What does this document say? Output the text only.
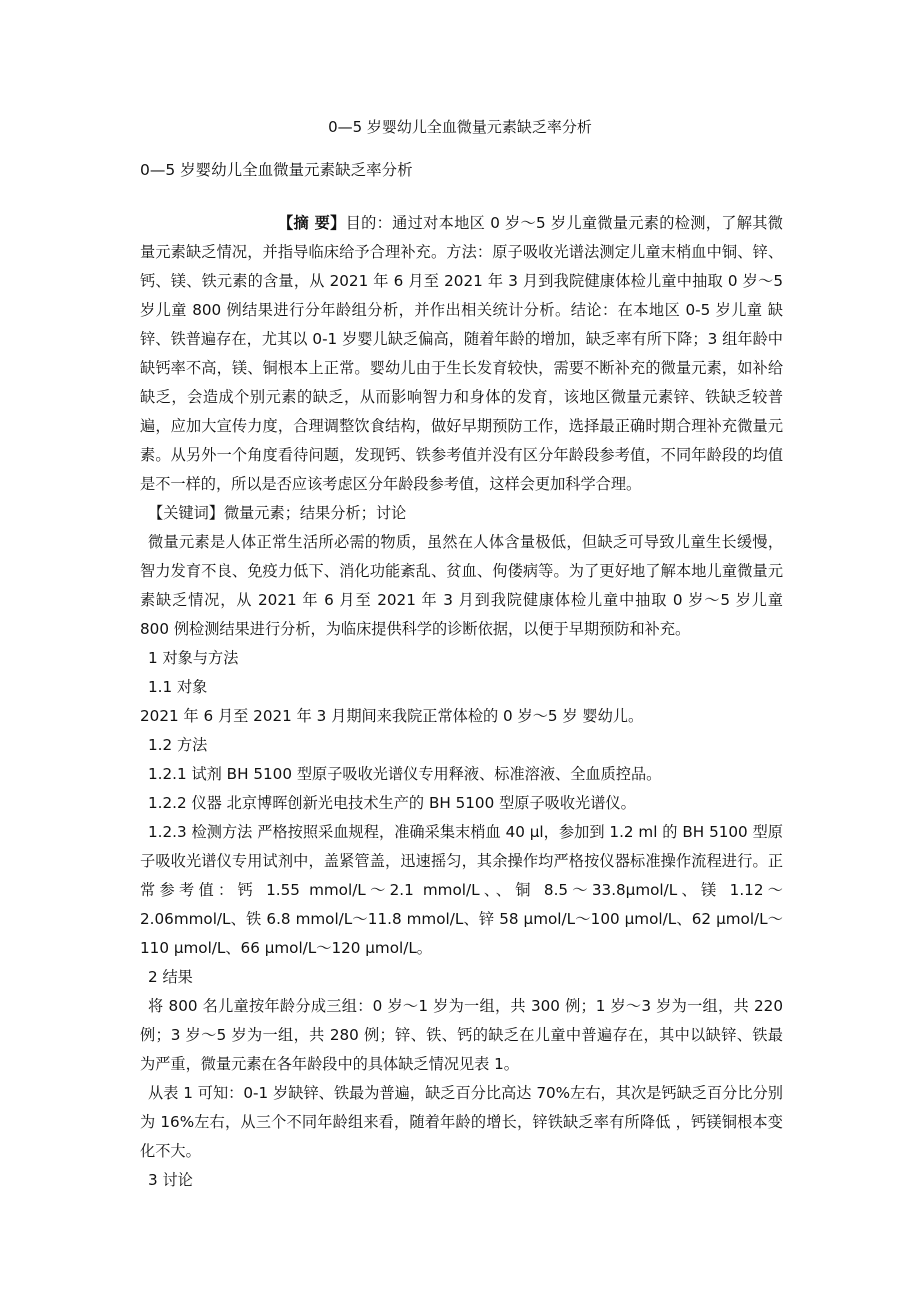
0—5 岁婴幼儿全血微量元素缺乏率分析
0—5 岁婴幼儿全血微量元素缺乏率分析

【摘 要】目的：通过对本地区 0 岁～5 岁儿童微量元素的检测，了解其微量元素缺乏情况，并指导临床给予合理补充。方法：原子吸收光谱法测定儿童末梢血中铜、锌、钙、镁、铁元素的含量，从 2021 年 6 月至 2021 年 3 月到我院健康体检儿童中抽取 0 岁～5 岁儿童 800 例结果进行分年龄组分析，并作出相关统计分析。结论：在本地区 0-5 岁儿童 缺锌、铁普遍存在，尤其以 0-1 岁婴儿缺乏偏高，随着年龄的增加，缺乏率有所下降；3 组年龄中缺钙率不高，镁、铜根本上正常。婴幼儿由于生长发育较快，需要不断补充的微量元素，如补给缺乏，会造成个别元素的缺乏，从而影响智力和身体的发育，该地区微量元素锌、铁缺乏较普遍，应加大宣传力度，合理调整饮食结构，做好早期预防工作，选择最正确时期合理补充微量元素。从另外一个角度看待问题，发现钙、铁参考值并没有区分年龄段参考值，不同年龄段的均值是不一样的，所以是否应该考虑区分年龄段参考值，这样会更加科学合理。

【关键词】微量元素；结果分析；讨论

微量元素是人体正常生活所必需的物质，虽然在人体含量极低，但缺乏可导致儿童生长缓慢，智力发育不良、免疫力低下、消化功能紊乱、贫血、佝偻病等。为了更好地了解本地儿童微量元素缺乏情况，从 2021 年 6 月至 2021 年 3 月到我院健康体检儿童中抽取 0 岁～5 岁儿童 800 例检测结果进行分析，为临床提供科学的诊断依据，以便于早期预防和补充。

1 对象与方法

1.1 对象

2021 年 6 月至 2021 年 3 月期间来我院正常体检的 0 岁～5 岁 婴幼儿。

1.2 方法

1.2.1 试剂 BH 5100 型原子吸收光谱仪专用释液、标准溶液、全血质控品。

1.2.2 仪器 北京博晖创新光电技术生产的 BH 5100 型原子吸收光谱仪。

1.2.3 检测方法 严格按照采血规程，准确采集末梢血 40 μl，参加到 1.2 ml 的 BH 5100 型原子吸收光谱仪专用试剂中，盖紧管盖，迅速摇匀，其余操作均严格按仪器标准操作流程进行。正常参考值：钙 1.55 mmol/L～2.1 mmol/L、、铜 8.5～33.8μmol/L、镁 1.12～2.06mmol/L、铁 6.8 mmol/L～11.8 mmol/L、锌 58 μmol/L～100 μmol/L、62 μmol/L～110 μmol/L、66 μmol/L～120 μmol/L。

2 结果

将 800 名儿童按年龄分成三组：0 岁～1 岁为一组，共 300 例；1 岁～3 岁为一组，共 220 例；3 岁～5 岁为一组，共 280 例；锌、铁、钙的缺乏在儿童中普遍存在，其中以缺锌、铁最为严重，微量元素在各年龄段中的具体缺乏情况见表 1。

从表 1 可知：0-1 岁缺锌、铁最为普遍，缺乏百分比高达 70%左右，其次是钙缺乏百分比分别为 16%左右，从三个不同年龄组来看，随着年龄的增长，锌铁缺乏率有所降低 ，钙镁铜根本变化不大。

3 讨论
